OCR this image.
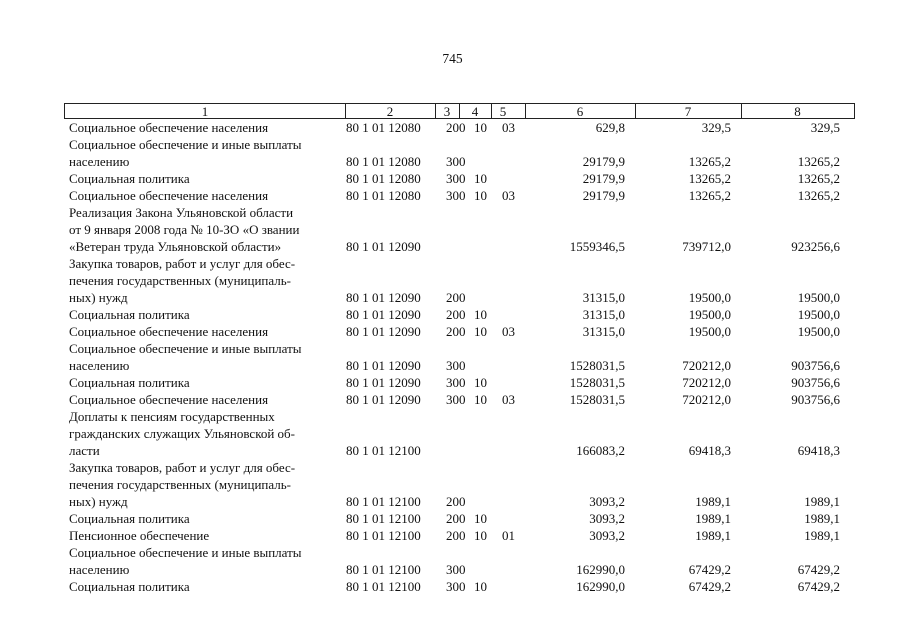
745
1	2	3	4	5	6	7	8
Социальное обеспечение населения	80 1 01 12080 200 10 03	629,8	329,5	329,5
Социальное обеспечение и иные выплаты
населению	80 1 01 12080 300	29179,9	13265,2	13265,2
Социальная политика	80 1 01 12080 300 10	29179,9	13265,2	13265,2
Социальное обеспечение населения	80 1 01 12080 300 10 03	29179,9	13265,2	13265,2
Реализация Закона Ульяновской области
от 9 января 2008 года № 10-ЗО «О звании
«Ветеран труда Ульяновской области»	80 1 01 12090	1559346,5	739712,0	923256,6
Закупка товаров, работ и услуг для обес-
печения государственных (муниципаль-
ных) нужд	80 1 01 12090 200	31315,0	19500,0	19500,0
Социальная политика	80 1 01 12090 200 10	31315,0	19500,0	19500,0
Социальное обеспечение населения	80 1 01 12090 200 10 03	31315,0	19500,0	19500,0
Социальное обеспечение и иные выплаты
населению	80 1 01 12090 300	1528031,5	720212,0	903756,6
Социальная политика	80 1 01 12090 300 10	1528031,5	720212,0	903756,6
Социальное обеспечение населения	80 1 01 12090 300 10 03	1528031,5	720212,0	903756,6
Доплаты к пенсиям государственных
гражданских служащих Ульяновской об-
ласти	80 1 01 12100	166083,2	69418,3	69418,3
Закупка товаров, работ и услуг для обес-
печения государственных (муниципаль-
ных) нужд	80 1 01 12100 200	3093,2	1989,1	1989,1
Социальная политика	80 1 01 12100 200 10	3093,2	1989,1	1989,1
Пенсионное обеспечение	80 1 01 12100 200 10 01	3093,2	1989,1	1989,1
Социальное обеспечение и иные выплаты
населению	80 1 01 12100 300	162990,0	67429,2	67429,2
Социальная политика	80 1 01 12100 300 10	162990,0	67429,2	67429,2
